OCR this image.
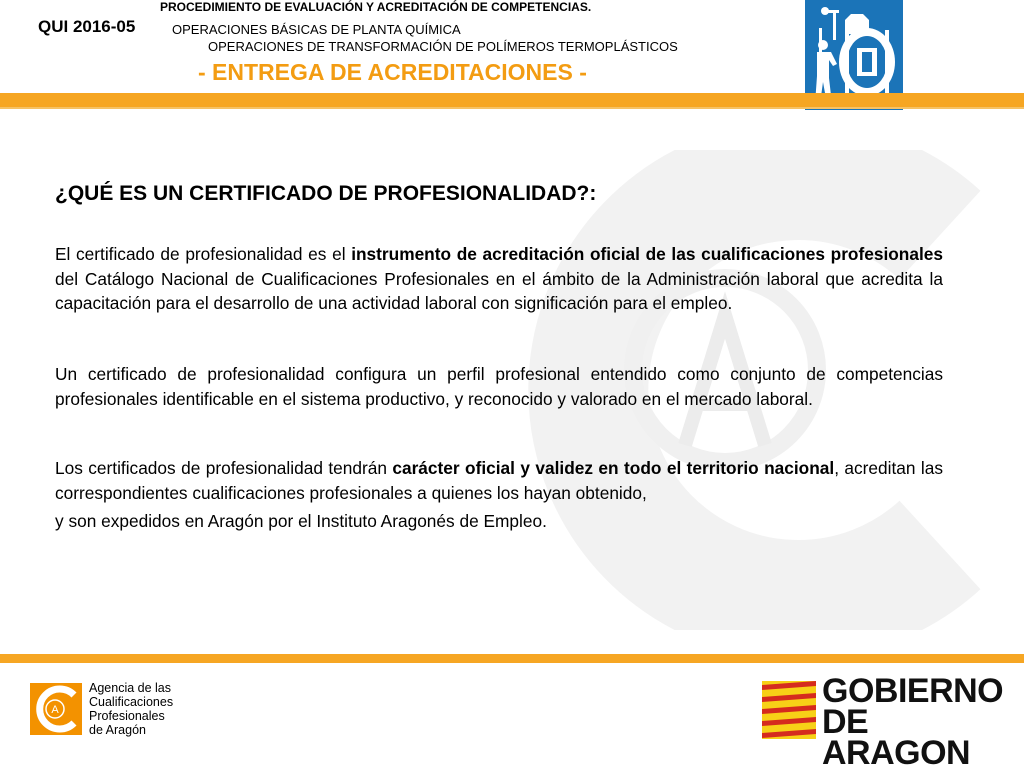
PROCEDIMIENTO DE EVALUACIÓN Y ACREDITACIÓN DE COMPETENCIAS.
QUI 2016-05	OPERACIONES BÁSICAS DE PLANTA QUÍMICA
OPERACIONES DE TRANSFORMACIÓN DE POLÍMEROS TERMOPLÁSTICOS
- ENTREGA DE ACREDITACIONES -
¿QUÉ ES UN CERTIFICADO DE PROFESIONALIDAD?:
El certificado de profesionalidad es el instrumento de acreditación oficial de las cualificaciones profesionales del Catálogo Nacional de Cualificaciones Profesionales en el ámbito de la Administración laboral que acredita la capacitación para el desarrollo de una actividad laboral con significación para el empleo.
Un certificado de profesionalidad configura un perfil profesional entendido como conjunto de competencias profesionales identificable en el sistema productivo, y reconocido y valorado en el mercado laboral.
Los certificados de profesionalidad tendrán carácter oficial y validez en todo el territorio nacional, acreditan las correspondientes cualificaciones profesionales a quienes los hayan obtenido,
y son expedidos en Aragón por el Instituto Aragonés de Empleo.
A
Agencia de las
Cualificaciones
Profesionales
de Aragón
GOBIERNO
DE ARAGON
